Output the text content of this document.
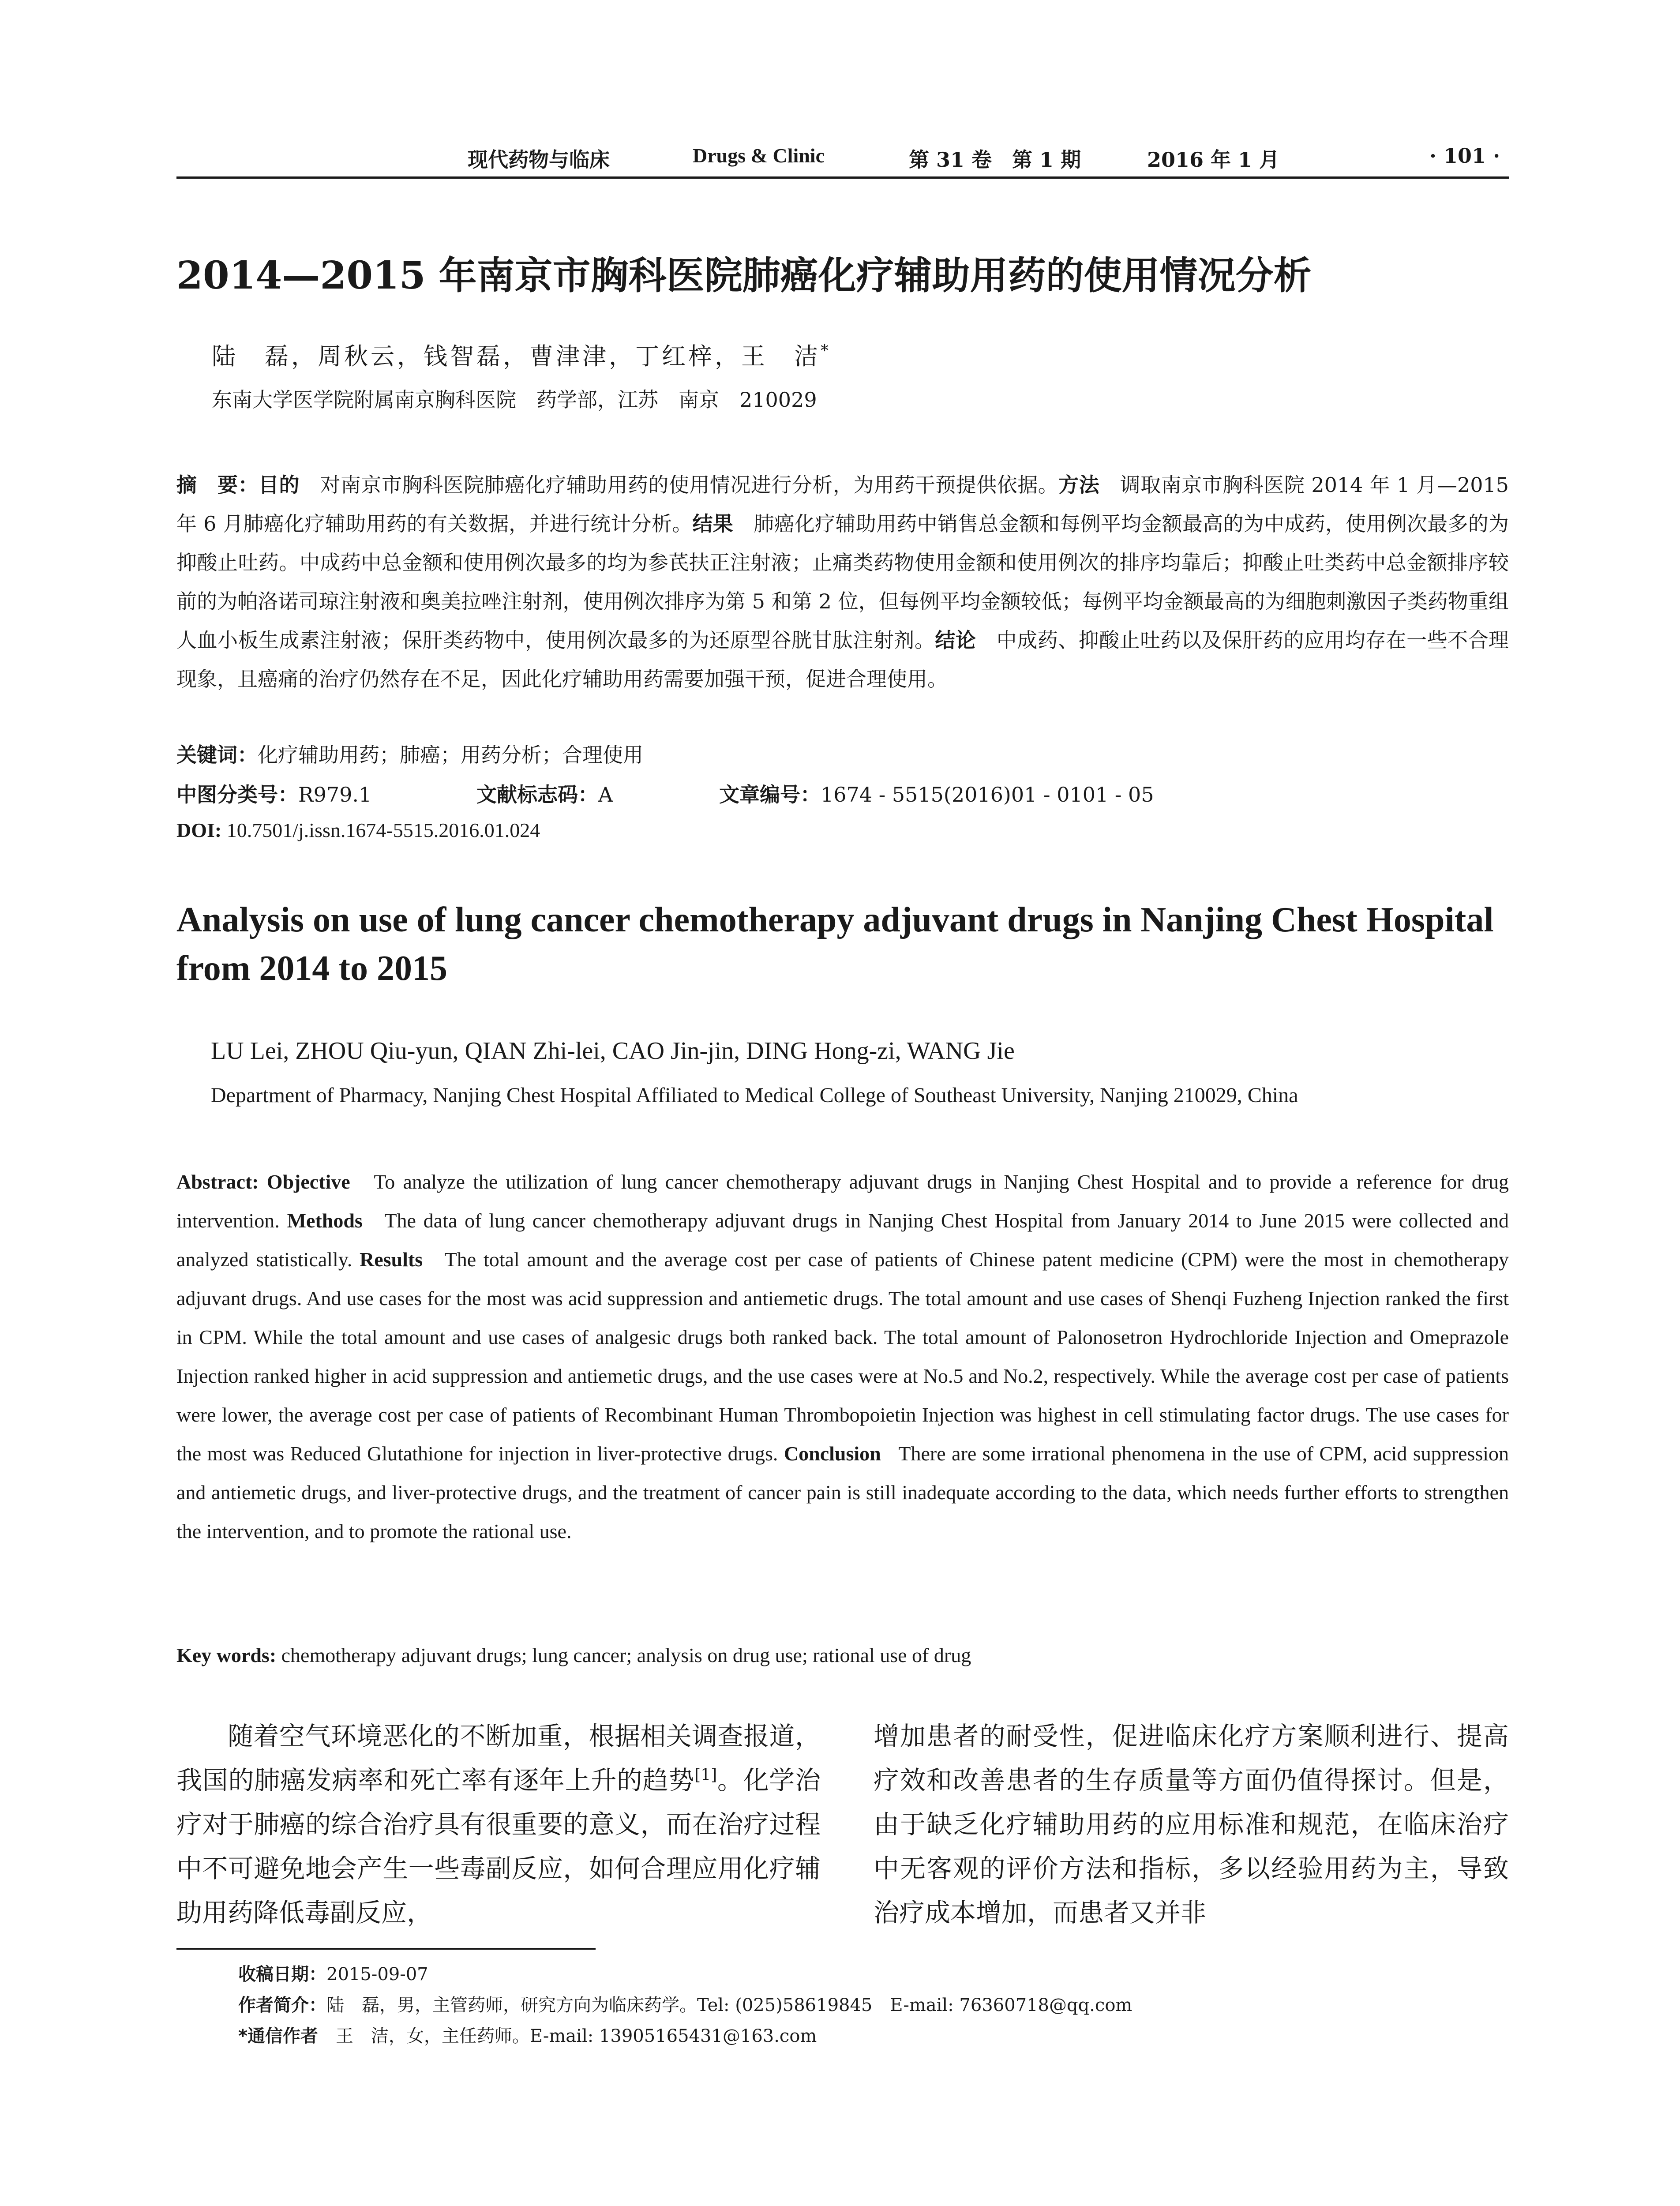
现代药物与临床	Drugs & Clinic	第 31 卷　第 1 期	2016 年 1 月	· 101 ·
2014—2015 年南京市胸科医院肺癌化疗辅助用药的使用情况分析
陆　磊，周秋云，钱智磊，曹津津，丁红梓，王　洁*
东南大学医学院附属南京胸科医院　药学部，江苏　南京　210029
摘　要：目的　 对南京市胸科医院肺癌化疗辅助用药的使用情况进行分析，为用药干预提供依据。方法　 调取南京市胸科医院 2014 年 1 月—2015 年 6 月肺癌化疗辅助用药的有关数据，并进行统计分析。结果　 肺癌化疗辅助用药中销售总金额和每例平均金额最高的为中成药，使用例次最多的为抑酸止吐药。中成药中总金额和使用例次最多的均为参芪扶正注射液；止痛类药物使用金额和使用例次的排序均靠后；抑酸止吐类药中总金额排序较前的为帕洛诺司琼注射液和奥美拉唑注射剂，使用例次排序为第 5 和第 2 位，但每例平均金额较低；每例平均金额最高的为细胞刺激因子类药物重组人血小板生成素注射液；保肝类药物中，使用例次最多的为还原型谷胱甘肽注射剂。结论　 中成药、抑酸止吐药以及保肝药的应用均存在一些不合理现象，且癌痛的治疗仍然存在不足，因此化疗辅助用药需要加强干预，促进合理使用。
关键词：化疗辅助用药；肺癌；用药分析；合理使用
中图分类号：R979.1	文献标志码：A	文章编号：1674 - 5515(2016)01 - 0101 - 05
DOI: 10.7501/j.issn.1674-5515.2016.01.024
Analysis on use of lung cancer chemotherapy adjuvant drugs in Nanjing Chest Hospital from 2014 to 2015
LU Lei, ZHOU Qiu-yun, QIAN Zhi-lei, CAO Jin-jin, DING Hong-zi, WANG Jie
Department of Pharmacy, Nanjing Chest Hospital Affiliated to Medical College of Southeast University, Nanjing 210029, China
Abstract: Objective To analyze the utilization of lung cancer chemotherapy adjuvant drugs in Nanjing Chest Hospital and to provide a reference for drug intervention. Methods The data of lung cancer chemotherapy adjuvant drugs in Nanjing Chest Hospital from January 2014 to June 2015 were collected and analyzed statistically. Results The total amount and the average cost per case of patients of Chinese patent medicine (CPM) were the most in chemotherapy adjuvant drugs. And use cases for the most was acid suppression and antiemetic drugs. The total amount and use cases of Shenqi Fuzheng Injection ranked the first in CPM. While the total amount and use cases of analgesic drugs both ranked back. The total amount of Palonosetron Hydrochloride Injection and Omeprazole Injection ranked higher in acid suppression and antiemetic drugs, and the use cases were at No.5 and No.2, respectively. While the average cost per case of patients were lower, the average cost per case of patients of Recombinant Human Thrombopoietin Injection was highest in cell stimulating factor drugs. The use cases for the most was Reduced Glutathione for injection in liver-protective drugs. Conclusion There are some irrational phenomena in the use of CPM, acid suppression and antiemetic drugs, and liver-protective drugs, and the treatment of cancer pain is still inadequate according to the data, which needs further efforts to strengthen the intervention, and to promote the rational use.
Key words: chemotherapy adjuvant drugs; lung cancer; analysis on drug use; rational use of drug
随着空气环境恶化的不断加重，根据相关调查报道，我国的肺癌发病率和死亡率有逐年上升的趋势[1]。化学治疗对于肺癌的综合治疗具有很重要的意义，而在治疗过程中不可避免地会产生一些毒副反应，如何合理应用化疗辅助用药降低毒副反应，
增加患者的耐受性，促进临床化疗方案顺利进行、提高疗效和改善患者的生存质量等方面仍值得探讨。但是，由于缺乏化疗辅助用药的应用标准和规范，在临床治疗中无客观的评价方法和指标，多以经验用药为主，导致治疗成本增加，而患者又并非
收稿日期：2015-09-07
作者简介：陆　磊，男，主管药师，研究方向为临床药学。Tel: (025)58619845　E-mail: 76360718@qq.com
*通信作者　 王　洁，女，主任药师。E-mail: 13905165431@163.com
